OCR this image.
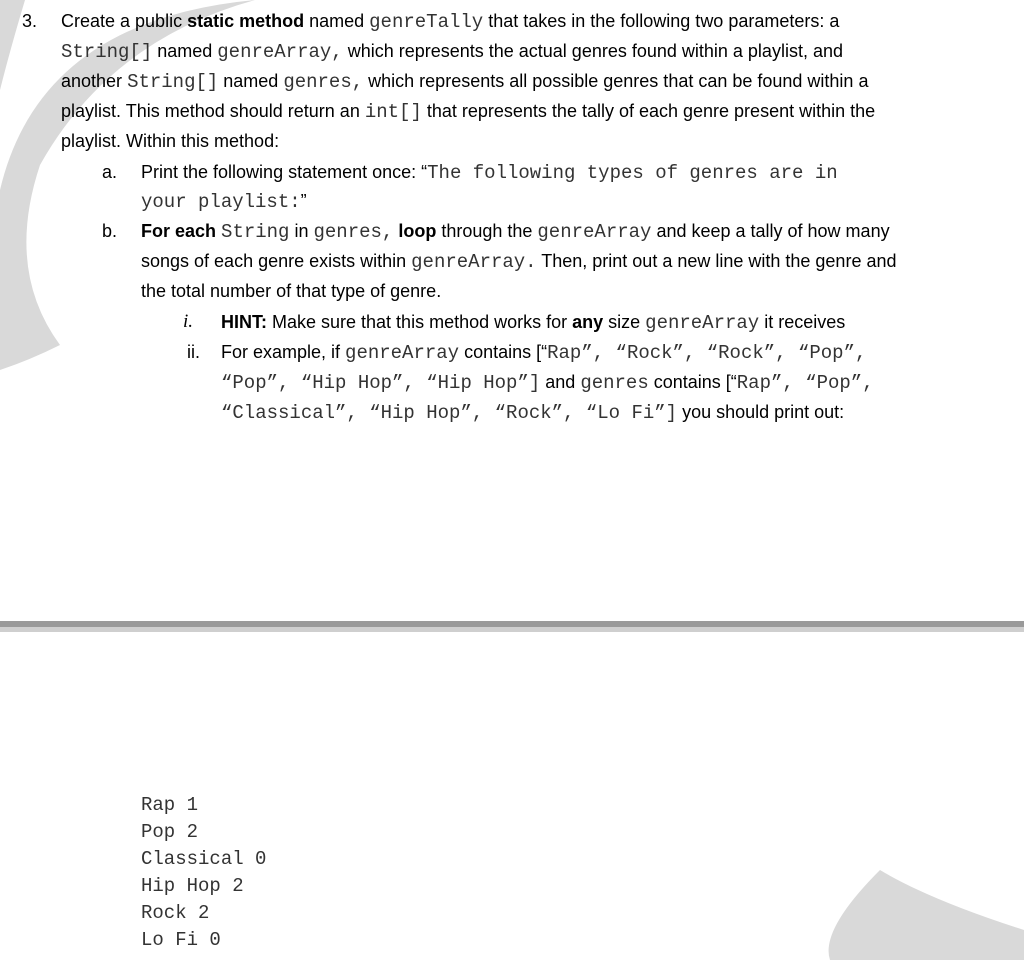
3. Create a public static method named genreTally that takes in the following two parameters: a
String[] named genreArray, which represents the actual genres found within a playlist, and
another String[] named genres, which represents all possible genres that can be found within a
playlist. This method should return an int[] that represents the tally of each genre present within the
playlist. Within this method:
a. Print the following statement once: “The following types of genres are in
your playlist:”
b. For each String in genres, loop through the genreArray and keep a tally of how many
songs of each genre exists within genreArray. Then, print out a new line with the genre and
the total number of that type of genre.
i. HINT: Make sure that this method works for any size genreArray it receives
ii. For example, if genreArray contains [“Rap”, “Rock”, “Rock”, “Pop”,
“Pop”, “Hip Hop”, “Hip Hop”] and genres contains [“Rap”, “Pop”,
“Classical”, “Hip Hop”, “Rock”, “Lo Fi”] you should print out:
Rap 1
Pop 2
Classical 0
Hip Hop 2
Rock 2
Lo Fi 0
